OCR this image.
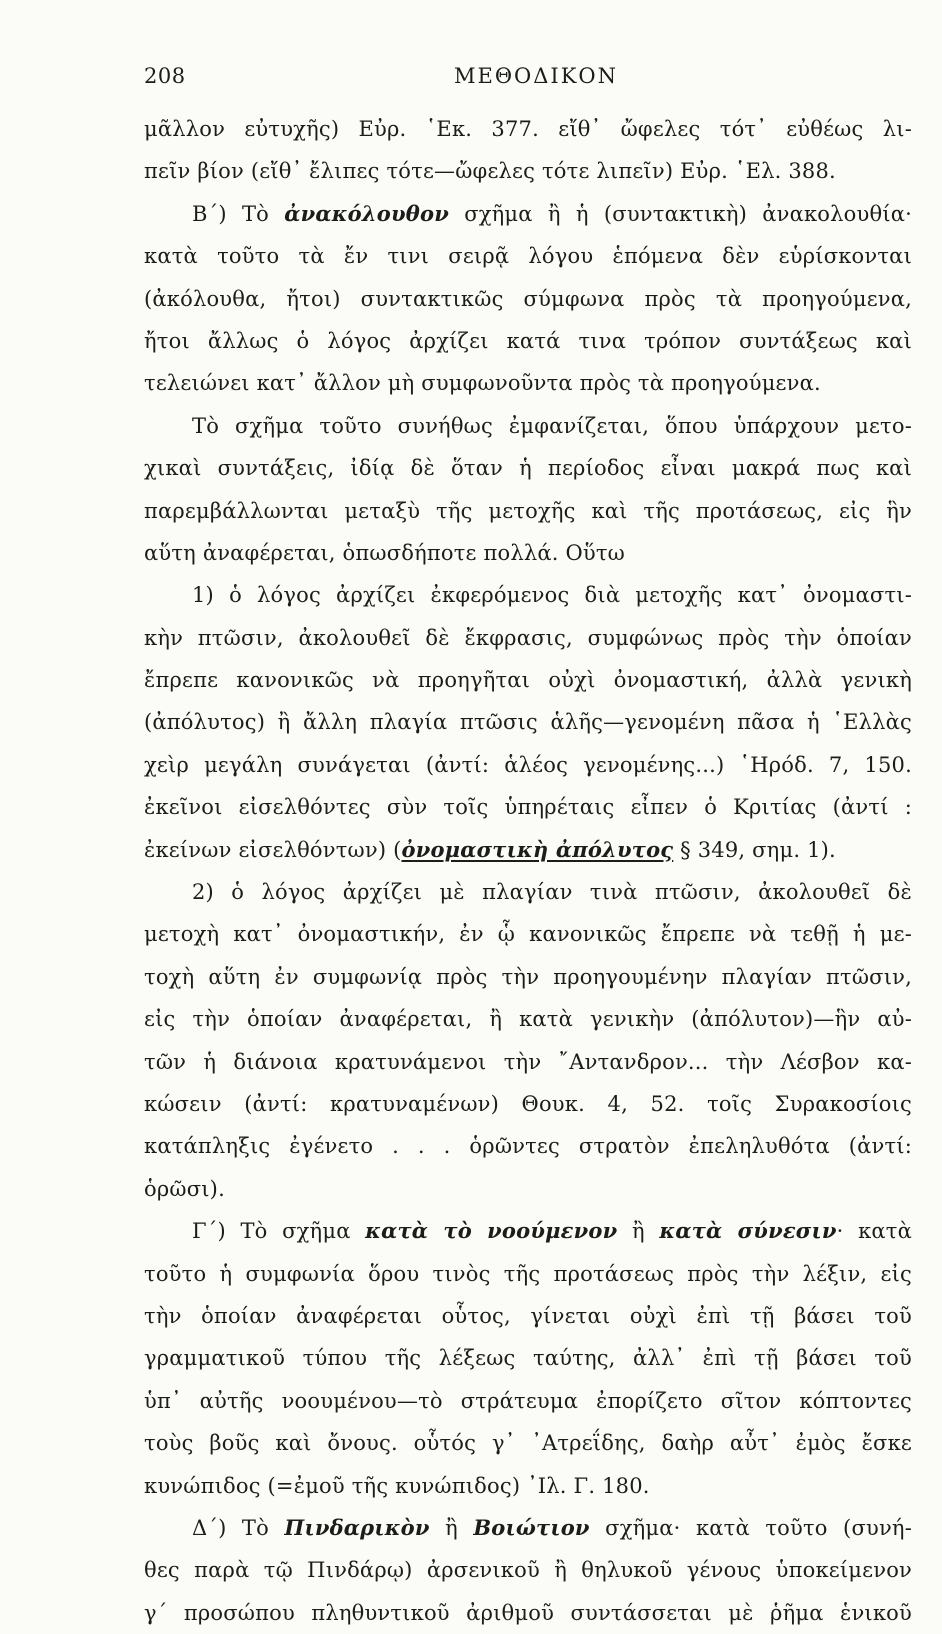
208	ΜΕΘΟΔΙΚΟΝ
μᾶλλον εὐτυχῆς) Εὐρ. ῾Εκ. 377. εἴθ᾽ ὤφελες τότ᾽ εὐθέως λι-
πεῖν βίον (εἴθ᾽ ἔλιπες τότε—ὤφελες τότε λιπεῖν) Εὐρ. ῾Ελ. 388.
Β´) Τὸ ἀνακόλουθον σχῆμα ἢ ἡ (συντακτικὴ) ἀνακολουθία·
κατὰ τοῦτο τὰ ἔν τινι σειρᾷ λόγου ἑπόμενα δὲν εὑρίσκονται
(ἀκόλουθα, ἤτοι) συντακτικῶς σύμφωνα πρὸς τὰ προηγούμενα,
ἤτοι ἄλλως ὁ λόγος ἀρχίζει κατά τινα τρόπον συντάξεως καὶ
τελειώνει κατ᾽ ἄλλον μὴ συμφωνοῦντα πρὸς τὰ προηγούμενα.
Τὸ σχῆμα τοῦτο συνήθως ἐμφανίζεται, ὅπου ὑπάρχουν μετο-
χικαὶ συντάξεις, ἰδίᾳ δὲ ὅταν ἡ περίοδος εἶναι μακρά πως καὶ
παρεμβάλλωνται μεταξὺ τῆς μετοχῆς καὶ τῆς προτάσεως, εἰς ἣν
αὕτη ἀναφέρεται, ὁπωσδήποτε πολλά. Οὕτω
1) ὁ λόγος ἀρχίζει ἐκφερόμενος διὰ μετοχῆς κατ᾽ ὀνομαστι-
κὴν πτῶσιν, ἀκολουθεῖ δὲ ἔκφρασις, συμφώνως πρὸς τὴν ὁποίαν
ἔπρεπε κανονικῶς νὰ προηγῆται οὐχὶ ὀνομαστική, ἀλλὰ γενικὴ
(ἀπόλυτος) ἢ ἄλλη πλαγία πτῶσις ἁλῆς—γενομένη πᾶσα ἡ ῾Ελλὰς
χεὶρ μεγάλη συνάγεται (ἀντί: ἁλέος γενομένης...) ῾Ηρόδ. 7, 150.
ἐκεῖνοι εἰσελθόντες σὺν τοῖς ὑπηρέταις εἶπεν ὁ Κριτίας (ἀντί :
ἐκείνων εἰσελθόντων) (ὀνομαστικὴ ἀπόλυτος § 349, σημ. 1).
2) ὁ λόγος ἀρχίζει μὲ πλαγίαν τινὰ πτῶσιν, ἀκολουθεῖ δὲ
μετοχὴ κατ᾽ ὀνομαστικήν, ἐν ᾧ κανονικῶς ἔπρεπε νὰ τεθῇ ἡ με-
τοχὴ αὕτη ἐν συμφωνίᾳ πρὸς τὴν προηγουμένην πλαγίαν πτῶσιν,
εἰς τὴν ὁποίαν ἀναφέρεται, ἢ κατὰ γενικὴν (ἀπόλυτον)—ἣν αὐ-
τῶν ἡ διάνοια κρατυνάμενοι τὴν ῎Αντανδρον... τὴν Λέσβον κα-
κώσειν (ἀντί: κρατυναμένων) Θουκ. 4, 52. τοῖς Συρακοσίοις
κατάπληξις ἐγένετο . . . ὁρῶντες στρατὸν ἐπεληλυθότα (ἀντί:
ὁρῶσι).
Γ´) Τὸ σχῆμα κατὰ τὸ νοούμενον ἢ κατὰ σύνεσιν· κατὰ
τοῦτο ἡ συμφωνία ὅρου τινὸς τῆς προτάσεως πρὸς τὴν λέξιν, εἰς
τὴν ὁποίαν ἀναφέρεται οὗτος, γίνεται οὐχὶ ἐπὶ τῇ βάσει τοῦ
γραμματικοῦ τύπου τῆς λέξεως ταύτης, ἀλλ᾽ ἐπὶ τῇ βάσει τοῦ
ὑπ᾽ αὐτῆς νοουμένου—τὸ στράτευμα ἐπορίζετο σῖτον κόπτοντες
τοὺς βοῦς καὶ ὄνους. οὗτός γ᾽ ᾿Ατρεΐδης, δαὴρ αὖτ᾽ ἐμὸς ἔσκε
κυνώπιδος (=ἐμοῦ τῆς κυνώπιδος) ᾿Ιλ. Γ. 180.
Δ´) Τὸ Πινδαρικὸν ἢ Βοιώτιον σχῆμα· κατὰ τοῦτο (συνή-
θες παρὰ τῷ Πινδάρῳ) ἀρσενικοῦ ἢ θηλυκοῦ γένους ὑποκείμενον
γ´ προσώπου πληθυντικοῦ ἀριθμοῦ συντάσσεται μὲ ῥῆμα ἑνικοῦ
